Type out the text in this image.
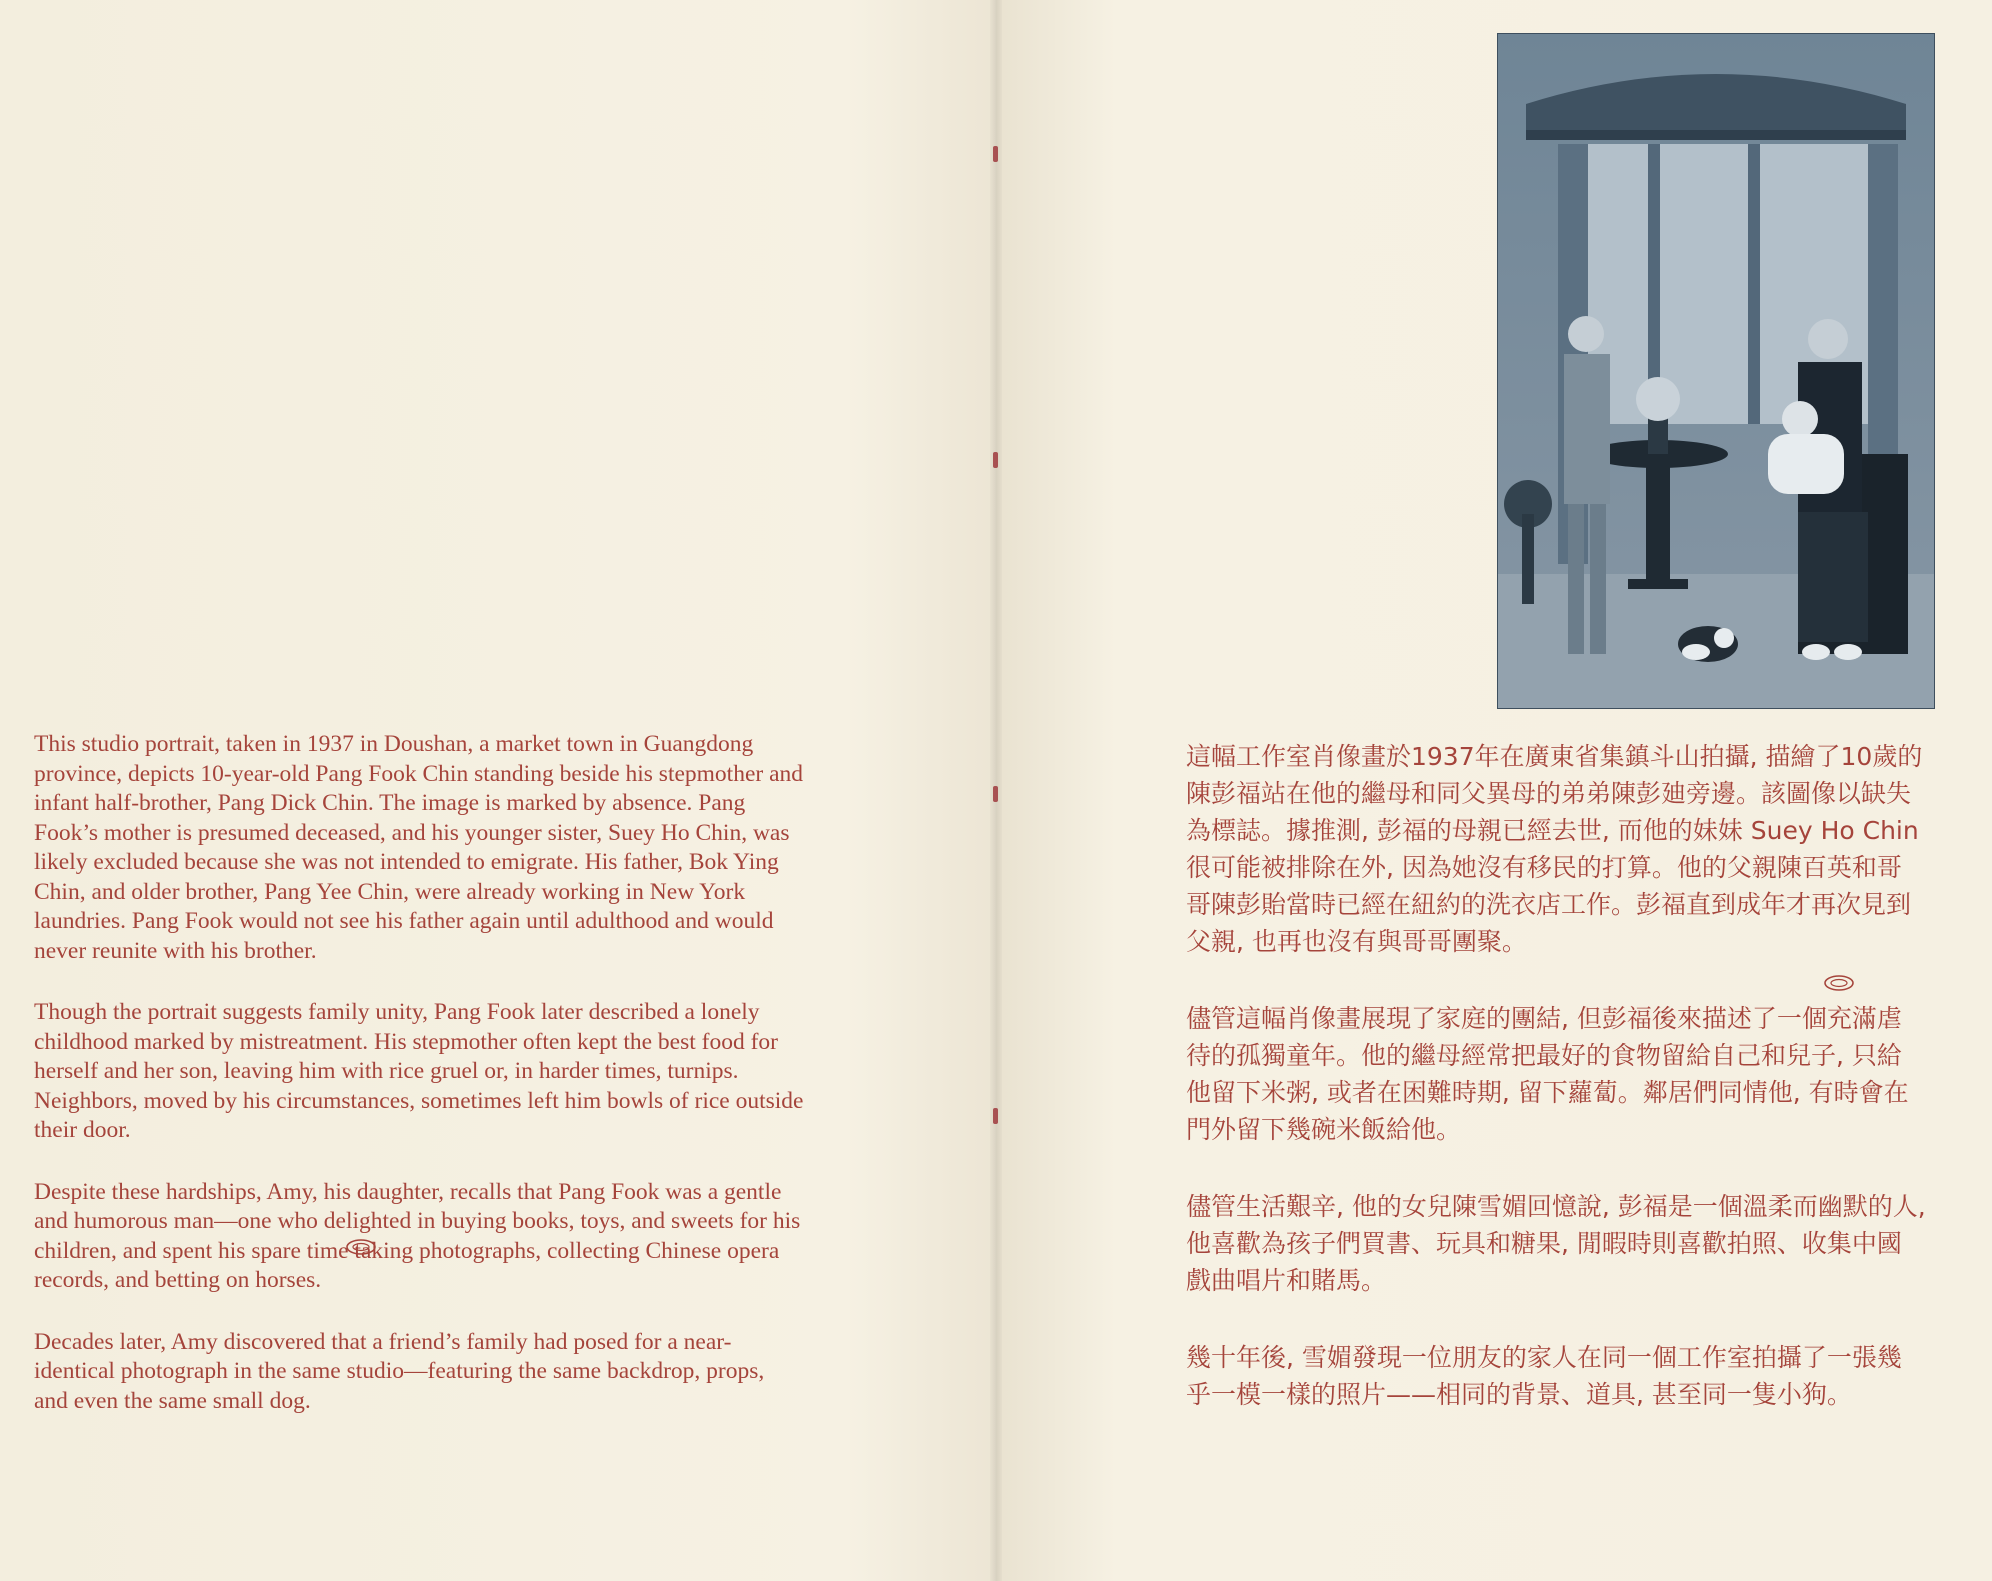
This studio portrait, taken in 1937 in Doushan, a market town in Guangdong province, depicts 10-year-old Pang Fook Chin standing beside his stepmother and infant half-brother, Pang Dick Chin. The image is marked by absence. Pang Fook’s mother is presumed deceased, and his younger sister, Suey Ho Chin, was likely excluded because she was not intended to emigrate. His father, Bok Ying Chin, and older brother, Pang Yee Chin, were already working in New York laundries. Pang Fook would not see his father again until adulthood and would never reunite with his brother.

Though the portrait suggests family unity, Pang Fook later described a lonely childhood marked by mistreatment. His stepmother often kept the best food for herself and her son, leaving him with rice gruel or, in harder times, turnips. Neighbors, moved by his circumstances, sometimes left him bowls of rice outside their door.

Despite these hardships, Amy, his daughter, recalls that Pang Fook was a gentle and humorous man—one who delighted in buying books, toys, and sweets for his children, and spent his spare time taking photographs, collecting Chinese opera records, and betting on horses.

Decades later, Amy discovered that a friend’s family had posed for a near-identical photograph in the same studio—featuring the same backdrop, props, and even the same small dog.

這幅工作室肖像畫於1937年在廣東省集鎮斗山拍攝, 描繪了10歲的陳彭福站在他的繼母和同父異母的弟弟陳彭廸旁邊。該圖像以缺失為標誌。據推測, 彭福的母親已經去世, 而他的妹妹 Suey Ho Chin 很可能被排除在外, 因為她沒有移民的打算。他的父親陳百英和哥哥陳彭貽當時已經在紐約的洗衣店工作。彭福直到成年才再次見到父親, 也再也沒有與哥哥團聚。

儘管這幅肖像畫展現了家庭的團結, 但彭福後來描述了一個充滿虐待的孤獨童年。他的繼母經常把最好的食物留給自己和兒子, 只給他留下米粥, 或者在困難時期, 留下蘿蔔。鄰居們同情他, 有時會在門外留下幾碗米飯給他。

儘管生活艱辛, 他的女兒陳雪媚回憶說, 彭福是一個溫柔而幽默的人, 他喜歡為孩子們買書、玩具和糖果, 閒暇時則喜歡拍照、收集中國戲曲唱片和賭馬。

幾十年後, 雪媚發現一位朋友的家人在同一個工作室拍攝了一張幾乎一模一樣的照片——相同的背景、道具, 甚至同一隻小狗。
